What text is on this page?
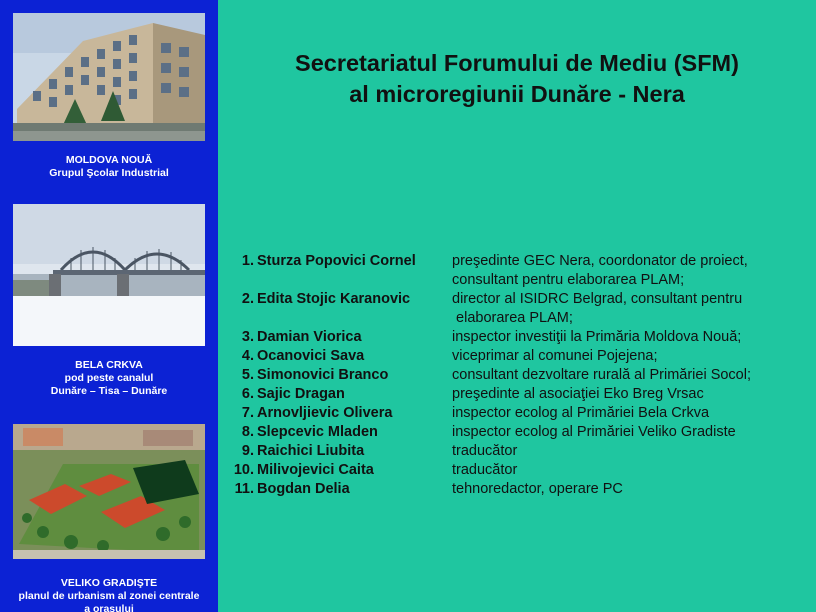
MOLDOVA NOUĂ
Grupul Şcolar Industrial
BELA CRKVA
pod peste canalul
Dunăre – Tisa – Dunăre
VELIKO GRADIŞTE
planul de urbanism al zonei centrale
a orasului
Secretariatul Forumului de Mediu (SFM)
al microregiunii Dunăre - Nera
1. Sturza Popovici Cornel	preşedinte GEC Nera, coordonator de proiect,
consultant pentru elaborarea PLAM;
2. Edita Stojic Karanovic	director al ISIDRC Belgrad, consultant pentru
elaborarea PLAM;
3. Damian Viorica	inspector investiţii la Primăria Moldova Nouă;
4. Ocanovici Sava	viceprimar al comunei Pojejena;
5. Simonovici Branco	consultant dezvoltare rurală al Primăriei Socol;
6. Sajic Dragan	preşedinte al asociaţiei Eko Breg Vrsac
7. Arnovljievic Olivera	inspector ecolog al Primăriei Bela Crkva
8. Slepcevic Mladen	inspector ecolog al Primăriei Veliko Gradiste
9. Raichici Liubita	traducător
10. Milivojevici Caita	traducător
11. Bogdan Delia	tehnoredactor, operare PC
